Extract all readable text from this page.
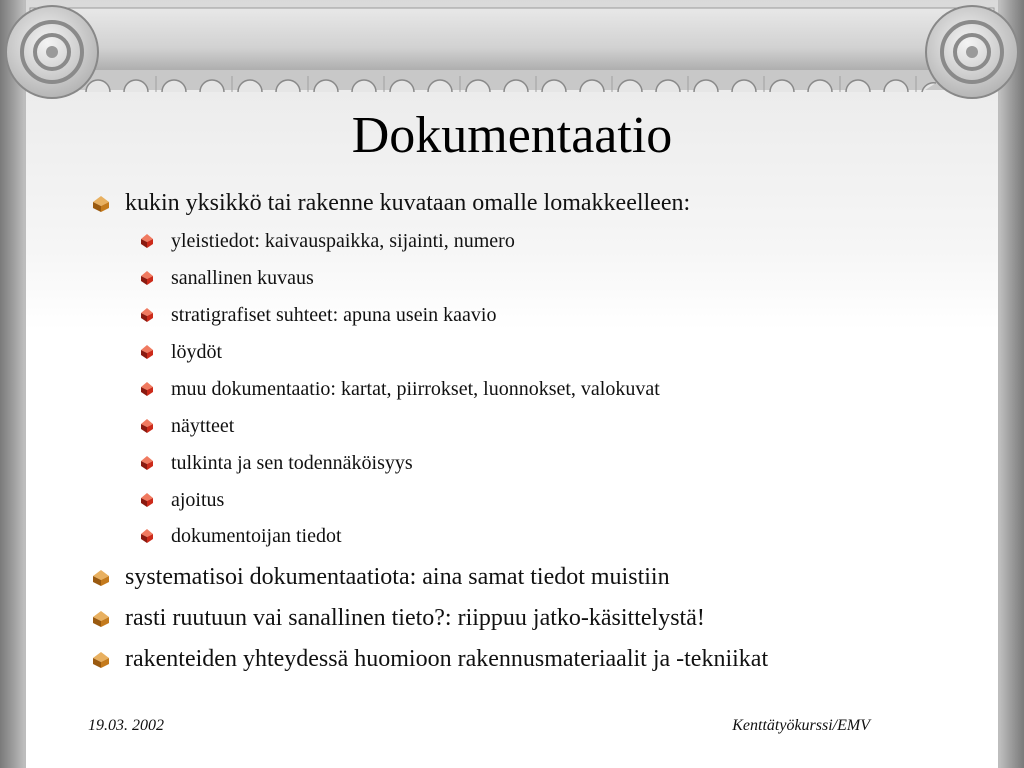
Dokumentaatio
kukin yksikkö tai rakenne kuvataan omalle lomakkeelleen:
yleistiedot: kaivauspaikka, sijainti, numero
sanallinen kuvaus
stratigrafiset suhteet: apuna usein kaavio
löydöt
muu dokumentaatio: kartat, piirrokset, luonnokset, valokuvat
näytteet
tulkinta ja sen todennäköisyys
ajoitus
dokumentoijan tiedot
systematisoi dokumentaatiota: aina samat tiedot muistiin
rasti ruutuun vai sanallinen tieto?: riippuu jatko-käsittelystä!
rakenteiden yhteydessä huomioon rakennusmateriaalit ja -tekniikat
19.03. 2002	Kenttätyökurssi/EMV
